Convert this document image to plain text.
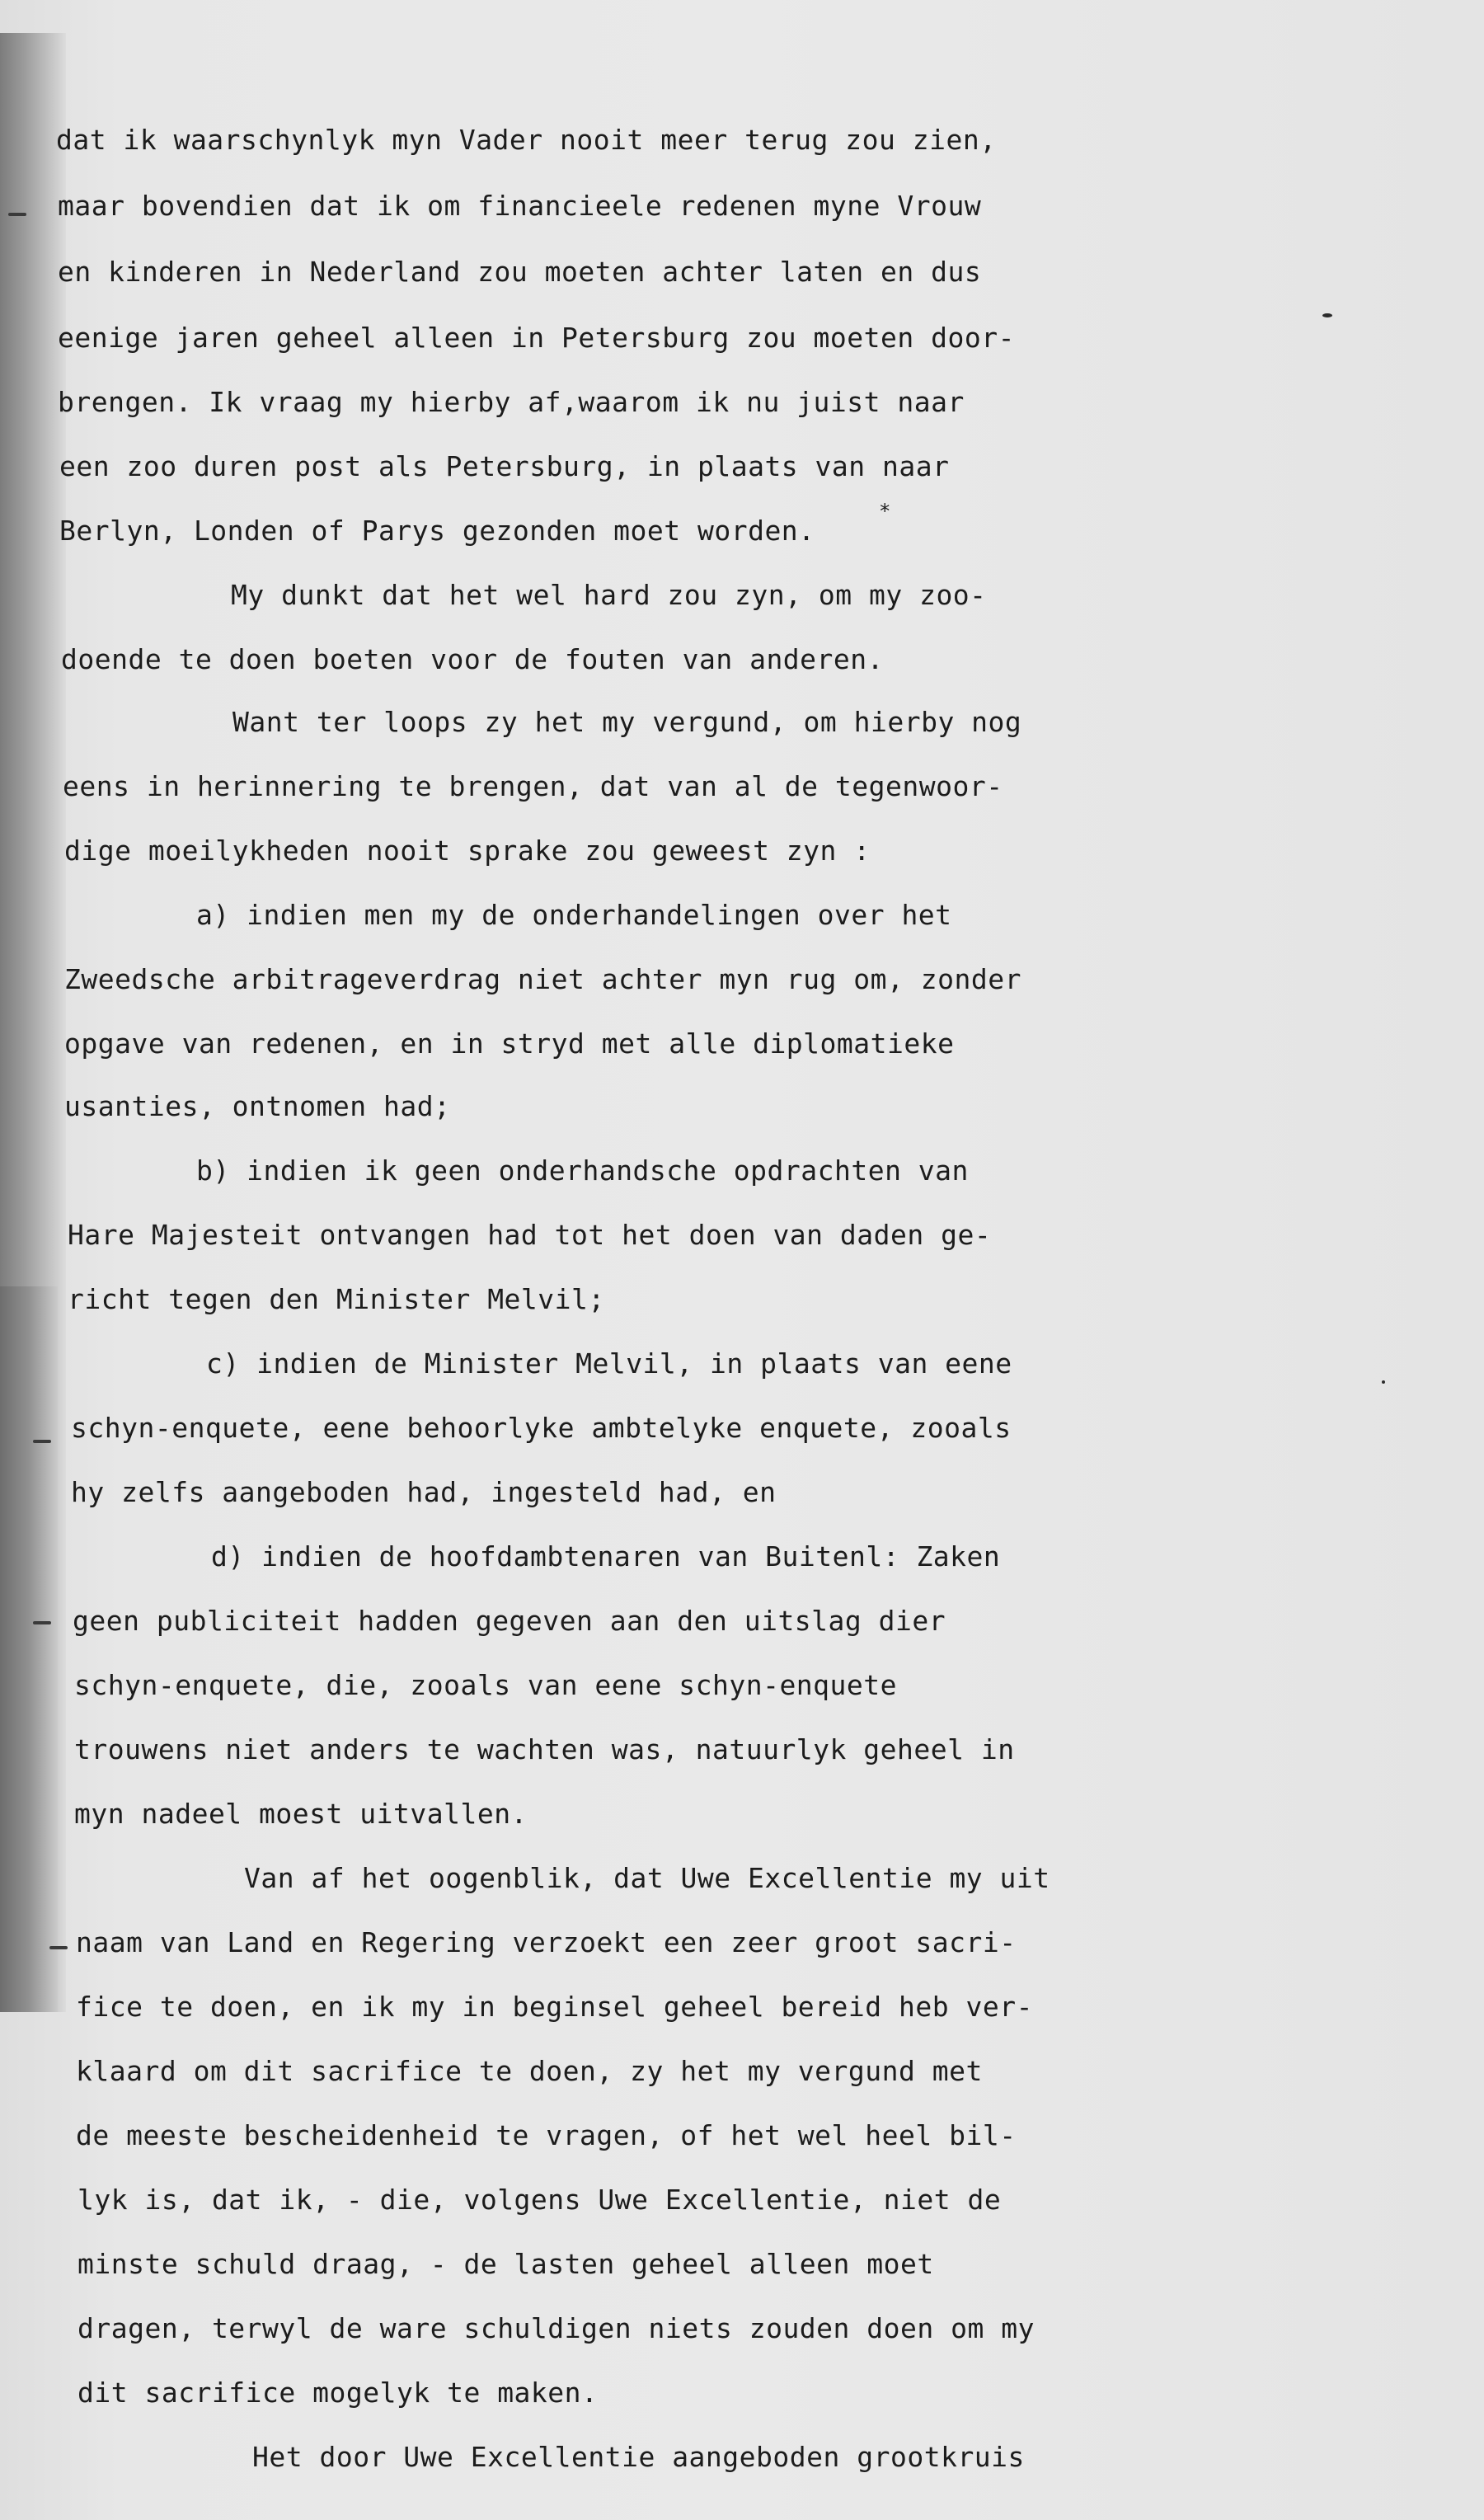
dat ik waarschynlyk myn Vader nooit meer terug zou zien,
maar bovendien dat ik om financieele redenen myne Vrouw
en kinderen in Nederland zou moeten achter laten en dus
eenige jaren geheel alleen in Petersburg zou moeten door-
brengen. Ik vraag my hierby af,waarom ik nu juist naar
een zoo duren post als Petersburg, in plaats van naar
Berlyn, Londen of Parys gezonden moet worden.
*
My dunkt dat het wel hard zou zyn, om my zoo-
doende te doen boeten voor de fouten van anderen.
Want ter loops zy het my vergund, om hierby nog
eens in herinnering te brengen, dat van al de tegenwoor-
dige moeilykheden nooit sprake zou geweest zyn :
a) indien men my de onderhandelingen over het
Zweedsche arbitrageverdrag niet achter myn rug om, zonder
opgave van redenen, en in stryd met alle diplomatieke
usanties, ontnomen had;
b) indien ik geen onderhandsche opdrachten van
Hare Majesteit ontvangen had tot het doen van daden ge-
richt tegen den Minister Melvil;
c) indien de Minister Melvil, in plaats van eene
schyn-enquete, eene behoorlyke ambtelyke enquete, zooals
hy zelfs aangeboden had, ingesteld had, en
d) indien de hoofdambtenaren van Buitenl: Zaken
geen publiciteit hadden gegeven aan den uitslag dier
schyn-enquete, die, zooals van eene schyn-enquete
trouwens niet anders te wachten was, natuurlyk geheel in
myn nadeel moest uitvallen.
Van af het oogenblik, dat Uwe Excellentie my uit
naam van Land en Regering verzoekt een zeer groot sacri-
fice te doen, en ik my in beginsel geheel bereid heb ver-
klaard om dit sacrifice te doen, zy het my vergund met
de meeste bescheidenheid te vragen, of het wel heel bil-
lyk is, dat ik, - die, volgens Uwe Excellentie, niet de
minste schuld draag, - de lasten geheel alleen moet
dragen, terwyl de ware schuldigen niets zouden doen om my
dit sacrifice mogelyk te maken.
Het door Uwe Excellentie aangeboden grootkruis
